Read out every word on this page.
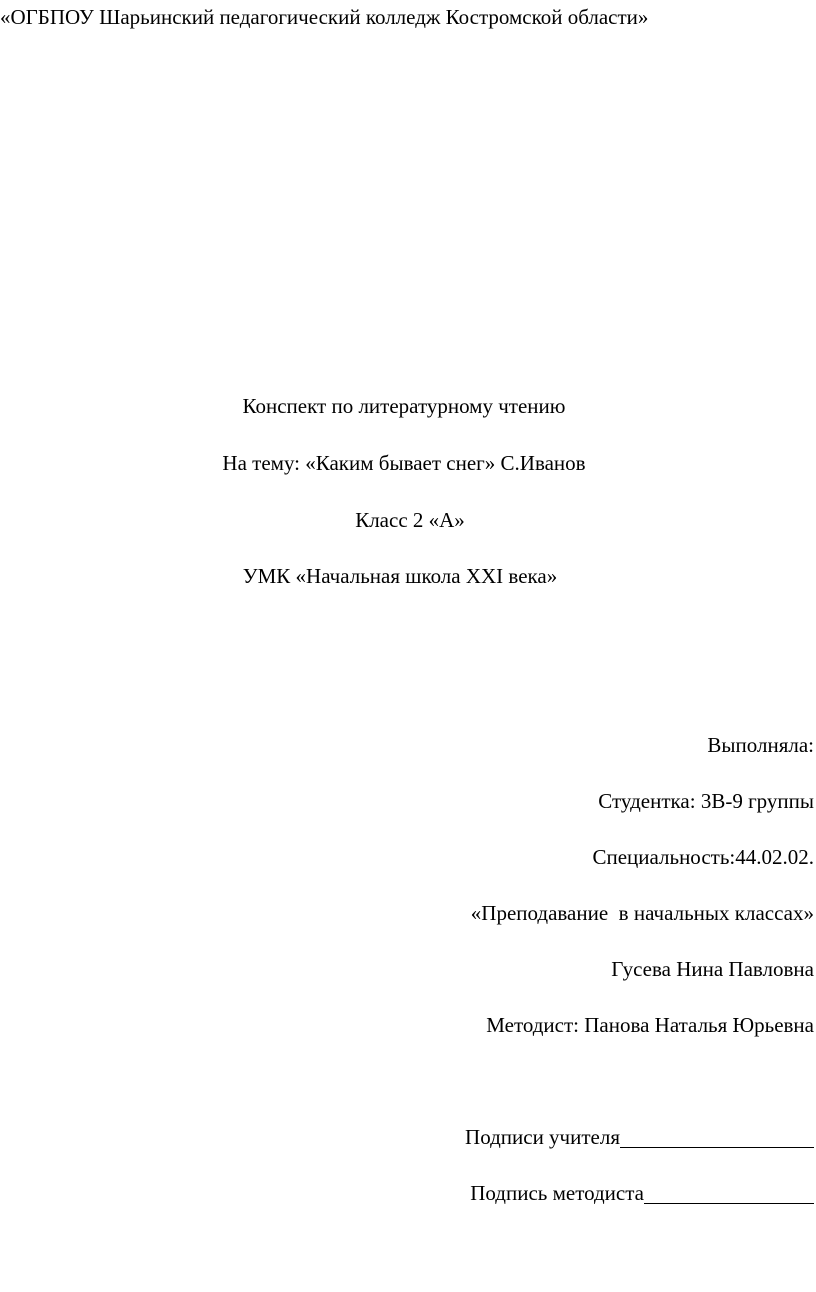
«ОГБПОУ Шарьинский педагогический колледж Костромской области»
Конспект по литературному чтению
На тему: «Каким бывает снег» С.Иванов
Класс 2 «А»
УМК «Начальная школа XXI века»
Выполняла:
Студентка: 3В-9 группы
Специальность:44.02.02.
«Преподавание  в начальных классах»
Гусева Нина Павловна
Методист: Панова Наталья Юрьевна
Подписи учителя
Подпись методиста
